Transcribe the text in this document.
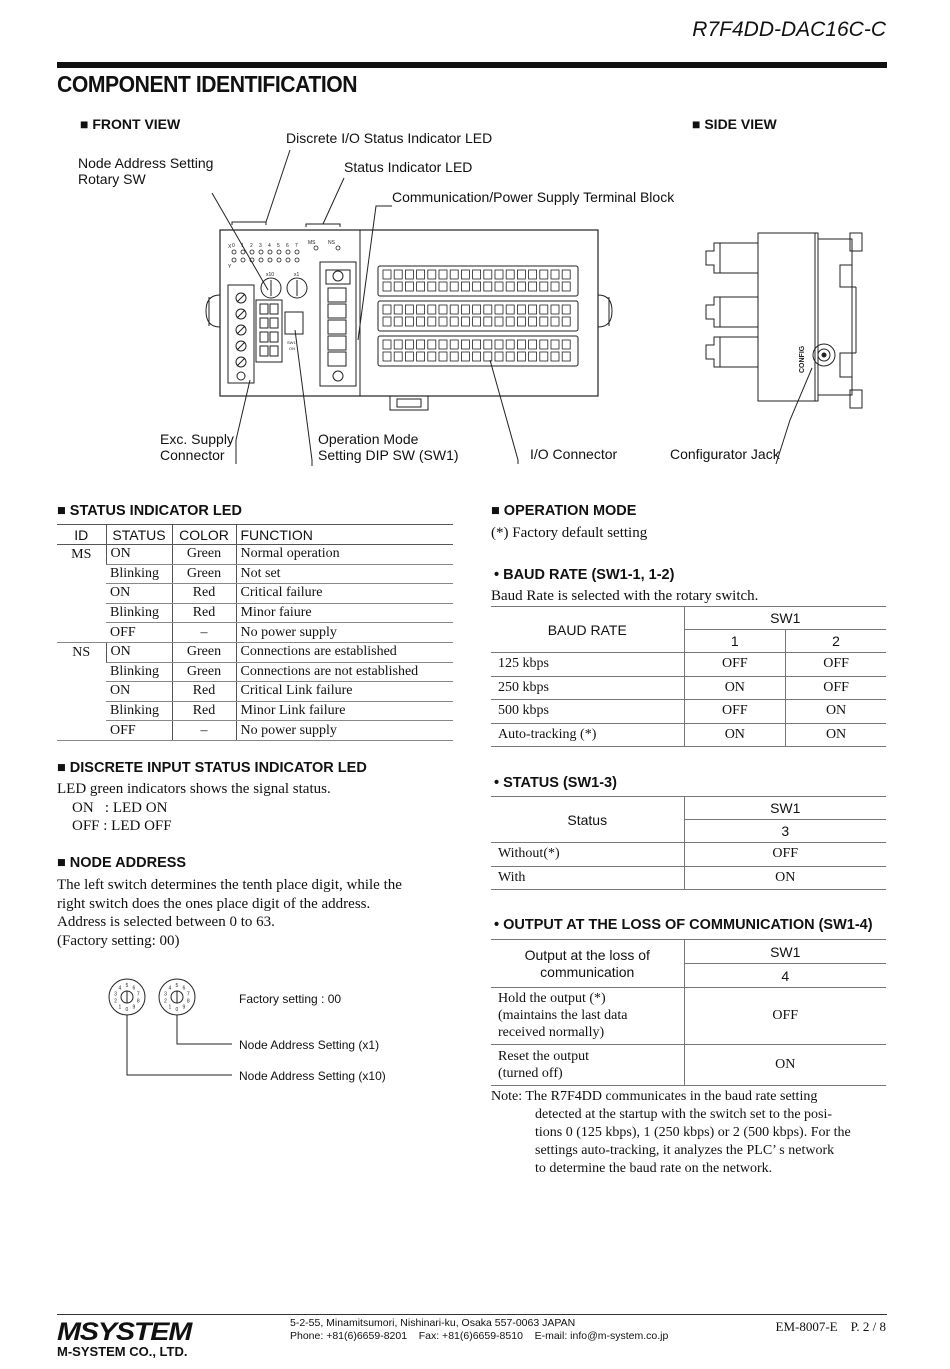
R7F4DD-DAC16C-C
COMPONENT IDENTIFICATION
■ FRONT VIEW	■ SIDE VIEW
Discrete I/O Status Indicator LED
Node Address Setting
Rotary SW
Status Indicator LED
Communication/Power Supply Terminal Block
Exc. Supply
Connector
Operation Mode
Setting DIP SW (SW1)	I/O Connector	Configurator Jack
X
Y
x10	x1
MS	NS
SW1
ON
0 1 2 3 4 5 6 7
CONFIG
■ STATUS INDICATOR LED
ID	STATUS	COLOR	FUNCTION
MS	ON	Green	Normal operation
	Blinking	Green	Not set
	ON	Red	Critical failure
	Blinking	Red	Minor faiure
	OFF	–	No power supply
NS	ON	Green	Connections are established
	Blinking	Green	Connections are not established
	ON	Red	Critical Link failure
	Blinking	Red	Minor Link failure
	OFF	–	No power supply
■ DISCRETE INPUT STATUS INDICATOR LED
LED green indicators shows the signal status.
ON   : LED ON
OFF : LED OFF
■ NODE ADDRESS
The left switch determines the tenth place digit, while the
right switch does the ones place digit of the address.
Address is selected between 0 to 63.
(Factory setting: 00)
0
1
2
3
4 5 6
7
8
9	0
1
2
3
4 5 6
7
8
9
Factory setting : 00
Node Address Setting (x1)
Node Address Setting (x10)
■ OPERATION MODE
(*) Factory default setting
• BAUD RATE (SW1-1, 1-2)
Baud Rate is selected with the rotary switch.
BAUD RATE	SW1	
	1	2
125 kbps	OFF	OFF
250 kbps	ON	OFF
500 kbps	OFF	ON
Auto-tracking (*)	ON	ON
• STATUS (SW1-3)
Status	SW1
	3
Without(*)	OFF
With	ON
• OUTPUT AT THE LOSS OF COMMUNICATION (SW1-4)
Output at the loss of
communication	SW1
	4

Hold the output (*)
(maintains the last data
received normally)	OFF

Reset the output
(turned off)	ON
Note: The R7F4DD communicates in the baud rate setting
detected at the startup with the switch set to the posi-
tions 0 (125 kbps), 1 (250 kbps) or 2 (500 kbps). For the
settings auto-tracking, it analyzes the PLC’ s network
to determine the baud rate on the network.
MSYSTEM
M-SYSTEM CO., LTD.
5-2-55, Minamitsumori, Nishinari-ku, Osaka 557-0063 JAPAN
Phone: +81(6)6659-8201    Fax: +81(6)6659-8510    E-mail: info@m-system.co.jp
EM-8007-E    P. 2 / 8
